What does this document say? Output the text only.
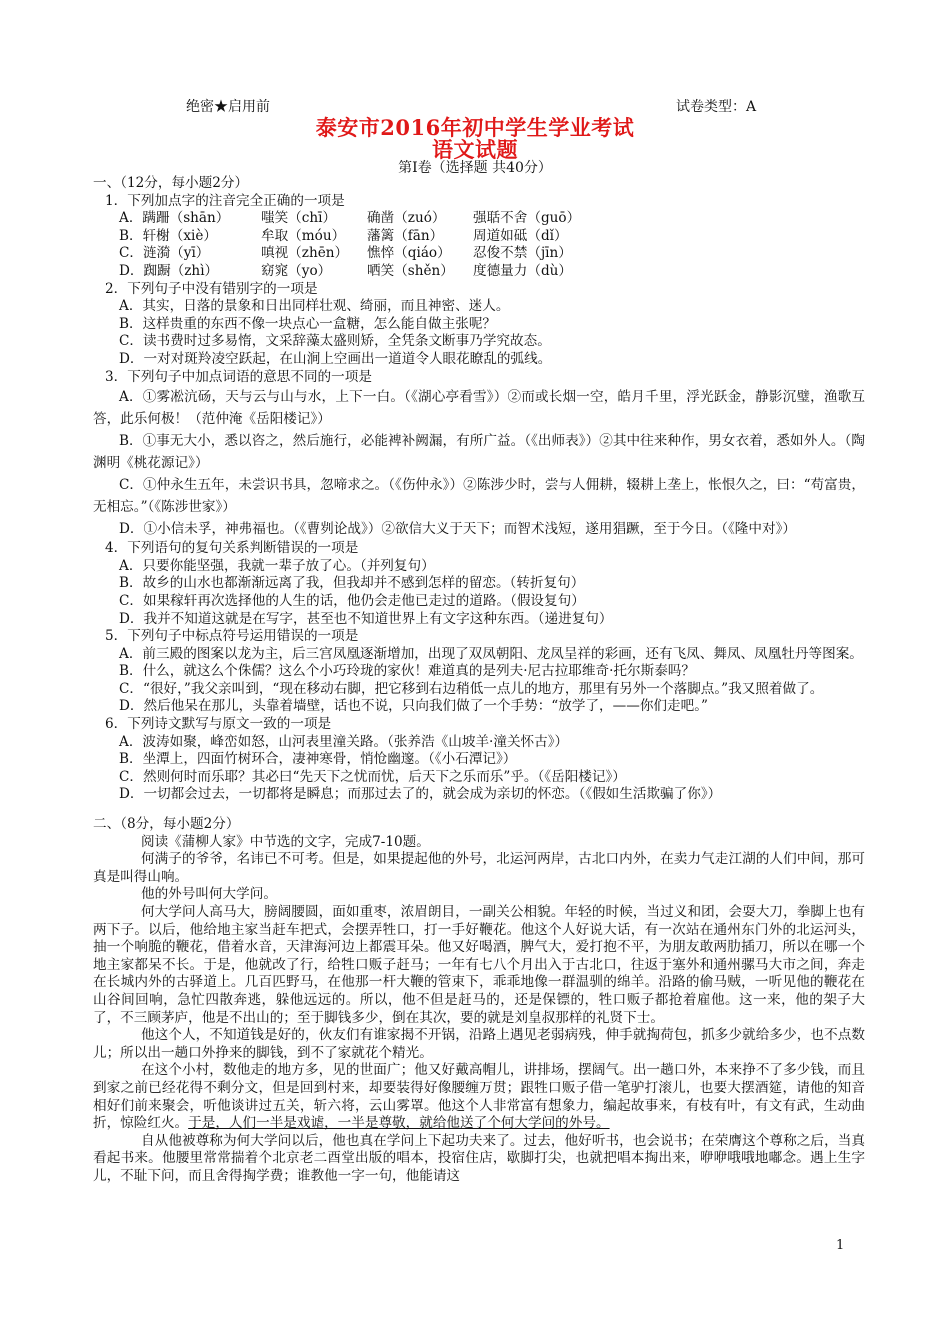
绝密★启用前	试卷类型：A
泰安市2016年初中学生学业考试
语文试题
第Ⅰ卷（选择题 共40分）
一、（12分，每小题2分）
1．下列加点字的注音完全正确的一项是
A．蹒跚（shān）	嗤笑（chī）	确凿（zuó）	强聒不舍（guō）
B．轩榭（xiè）	牟取（móu）	藩篱（fān）	周道如砥（dǐ）
C．涟漪（yī）	嗔视（zhēn）	憔悴（qiáo）	忍俊不禁（jīn）
D．踟蹰（zhì）	窈窕（yo）	哂笑（shěn）	度德量力（dù）
2．下列句子中没有错别字的一项是
A．其实，日落的景象和日出同样壮观、绮丽，而且神密、迷人。
B．这样贵重的东西不像一块点心一盒糖，怎么能自做主张呢？
C．读书费时过多易惰，文采辞藻太盛则矫，全凭条文断事乃学究故态。
D．一对对斑羚凌空跃起，在山涧上空画出一道道令人眼花瞭乱的弧线。
3．下列句子中加点词语的意思不同的一项是
A．①雾凇沆砀，天与云与山与水，上下一白。（《湖心亭看雪》）②而或长烟一空，皓月千里，浮光跃金，静影沉璧，渔歌互答，此乐何极！（范仲淹《岳阳楼记》）
B．①事无大小，悉以咨之，然后施行，必能裨补阙漏，有所广益。（《出师表》）②其中往来种作，男女衣着，悉如外人。（陶渊明《桃花源记》）
C．①仲永生五年，未尝识书具，忽啼求之。（《伤仲永》）②陈涉少时，尝与人佣耕，辍耕上垄上，怅恨久之，曰：“苟富贵，无相忘。”（《陈涉世家》）
D．①小信未孚，神弗福也。（《曹刿论战》）②欲信大义于天下；而智术浅短，遂用猖蹶，至于今日。（《隆中对》）
4．下列语句的复句关系判断错误的一项是
A．只要你能坚强，我就一辈子放了心。（并列复句）
B．故乡的山水也都渐渐远离了我，但我却并不感到怎样的留恋。（转折复句）
C．如果稼轩再次选择他的人生的话，他仍会走他已走过的道路。（假设复句）
D．我并不知道这就是在写字，甚至也不知道世界上有文字这种东西。（递进复句）
5．下列句子中标点符号运用错误的一项是
A．前三殿的图案以龙为主，后三宫凤凰逐渐增加，出现了双凤朝阳、龙凤呈祥的彩画，还有飞凤、舞凤、凤凰牡丹等图案。
B．什么，就这么个侏儒？这么个小巧玲珑的家伙！难道真的是列夫·尼古拉耶维奇·托尔斯泰吗？
C．“很好，”我父亲叫到，“现在移动右脚，把它移到右边稍低一点儿的地方，那里有另外一个落脚点。”我又照着做了。
D．然后他呆在那儿，头靠着墙壁，话也不说，只向我们做了一个手势：“放学了，——你们走吧。”
6．下列诗文默写与原文一致的一项是
A．波涛如聚，峰峦如怒，山河表里潼关路。（张养浩《山坡羊·潼关怀古》）
B．坐潭上，四面竹树环合，凄神寒骨，悄怆幽邃。（《小石潭记》）
C．然则何时而乐耶？其必曰“先天下之忧而忧，后天下之乐而乐”乎。（《岳阳楼记》）
D．一切都会过去，一切都将是瞬息；而那过去了的，就会成为亲切的怀恋。（《假如生活欺骗了你》）
二、（8分，每小题2分）
阅读《蒲柳人家》中节选的文字，完成7-10题。
何满子的爷爷，名讳已不可考。但是，如果提起他的外号，北运河两岸，古北口内外，在卖力气走江湖的人们中间，那可真是叫得山响。
他的外号叫何大学问。
何大学问人高马大，膀阔腰圆，面如重枣，浓眉朗目，一副关公相貌。年轻的时候，当过义和团，会耍大刀，拳脚上也有两下子。以后，他给地主家当赶车把式，会摆弄牲口，打一手好鞭花。他这个人好说大话，有一次站在通州东门外的北运河头，抽一个响脆的鞭花，借着水音，天津海河边上都震耳朵。他又好喝酒，脾气大，爱打抱不平，为朋友敢两肋插刀，所以在哪一个地主家都呆不长。于是，他就改了行，给牲口贩子赶马；一年有七八个月出入于古北口，往返于塞外和通州骡马大市之间，奔走在长城内外的古驿道上。几百匹野马，在他那一杆大鞭的管束下，乖乖地像一群温驯的绵羊。沿路的偷马贼，一听见他的鞭花在山谷间回响，急忙四散奔逃，躲他远远的。所以，他不但是赶马的，还是保镖的，牲口贩子都抢着雇他。这一来，他的架子大了，不三顾茅庐，他是不出山的；至于脚钱多少，倒在其次，要的就是刘皇叔那样的礼贤下士。
他这个人，不知道钱是好的，伙友们有谁家揭不开锅，沿路上遇见老弱病残，伸手就掏荷包，抓多少就给多少，也不点数儿；所以出一趟口外挣来的脚钱，到不了家就花个精光。
在这个小村，数他走的地方多，见的世面广；他又好戴高帽儿，讲排场，摆阔气。出一趟口外，本来挣不了多少钱，而且到家之前已经花得不剩分文，但是回到村来，却要装得好像腰缠万贯；跟牲口贩子借一笔驴打滚儿，也要大摆酒筵，请他的知音相好们前来聚会，听他谈讲过五关，斩六将，云山雾罩。他这个人非常富有想象力，编起故事来，有枝有叶，有文有武，生动曲折，惊险红火。于是，人们一半是戏谑，一半是尊敬，就给他送了个何大学问的外号。
自从他被尊称为何大学问以后，他也真在学问上下起功夫来了。过去，他好听书，也会说书；在荣膺这个尊称之后，当真看起书来。他腰里常常揣着个北京老二酉堂出版的唱本，投宿住店，歇脚打尖，也就把唱本掏出来，咿咿哦哦地嘟念。遇上生字儿，不耻下问，而且舍得掏学费；谁教他一字一句，他能请这
1
